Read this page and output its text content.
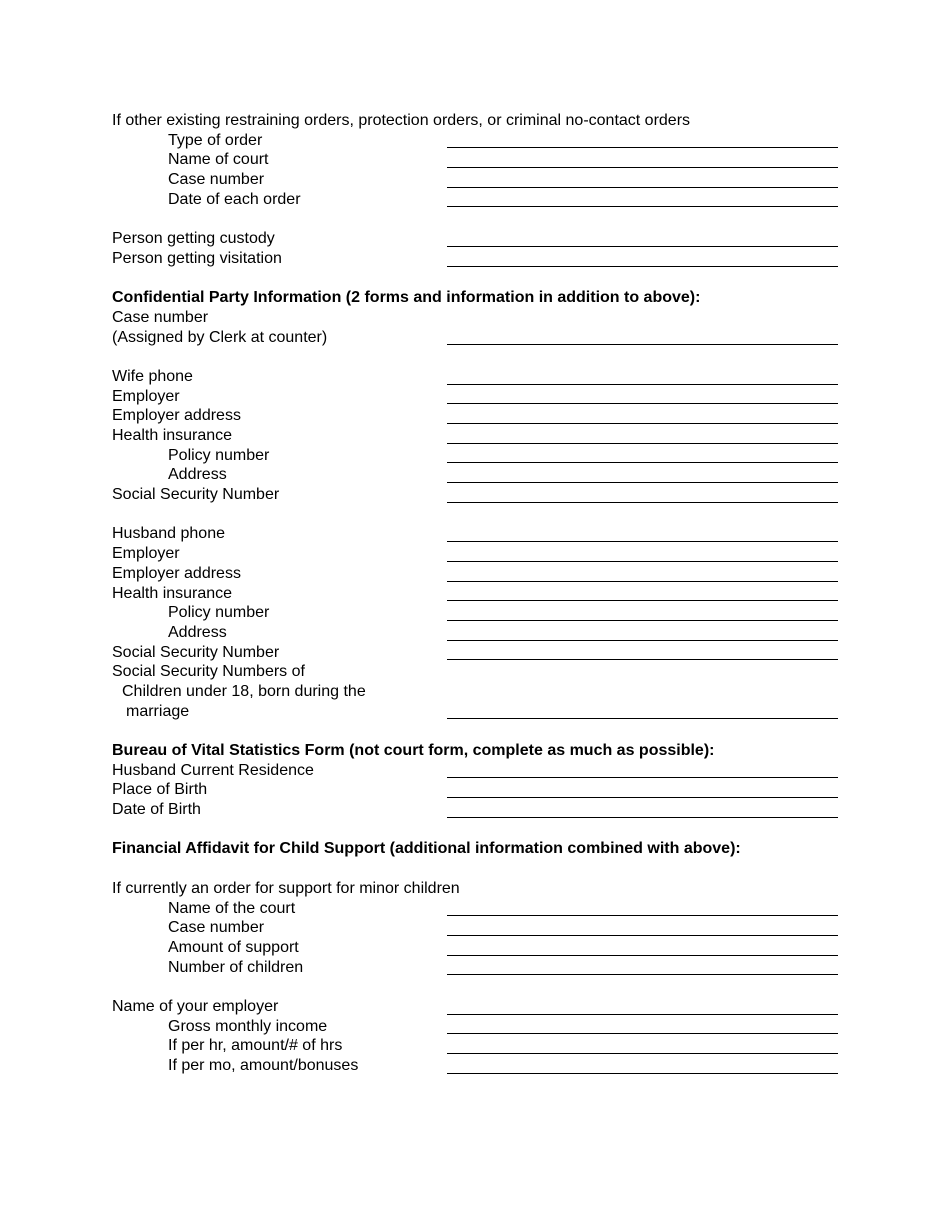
If other existing restraining orders, protection orders, or criminal no-contact orders
Type of order
Name of court
Case number
Date of each order
Person getting custody
Person getting visitation
Confidential Party Information (2 forms and information in addition to above):
Case number
(Assigned by Clerk at counter)
Wife phone
Employer
Employer address
Health insurance
Policy number
Address
Social Security Number
Husband phone
Employer
Employer address
Health insurance
Policy number
Address
Social Security Number
Social Security Numbers of
Children under 18, born during the
marriage
Bureau of Vital Statistics Form (not court form, complete as much as possible):
Husband Current Residence
Place of Birth
Date of Birth
Financial Affidavit for Child Support (additional information combined with above):
If currently an order for support for minor children
Name of the court
Case number
Amount of support
Number of children
Name of your employer
Gross monthly income
If per hr, amount/# of hrs
If per mo, amount/bonuses
